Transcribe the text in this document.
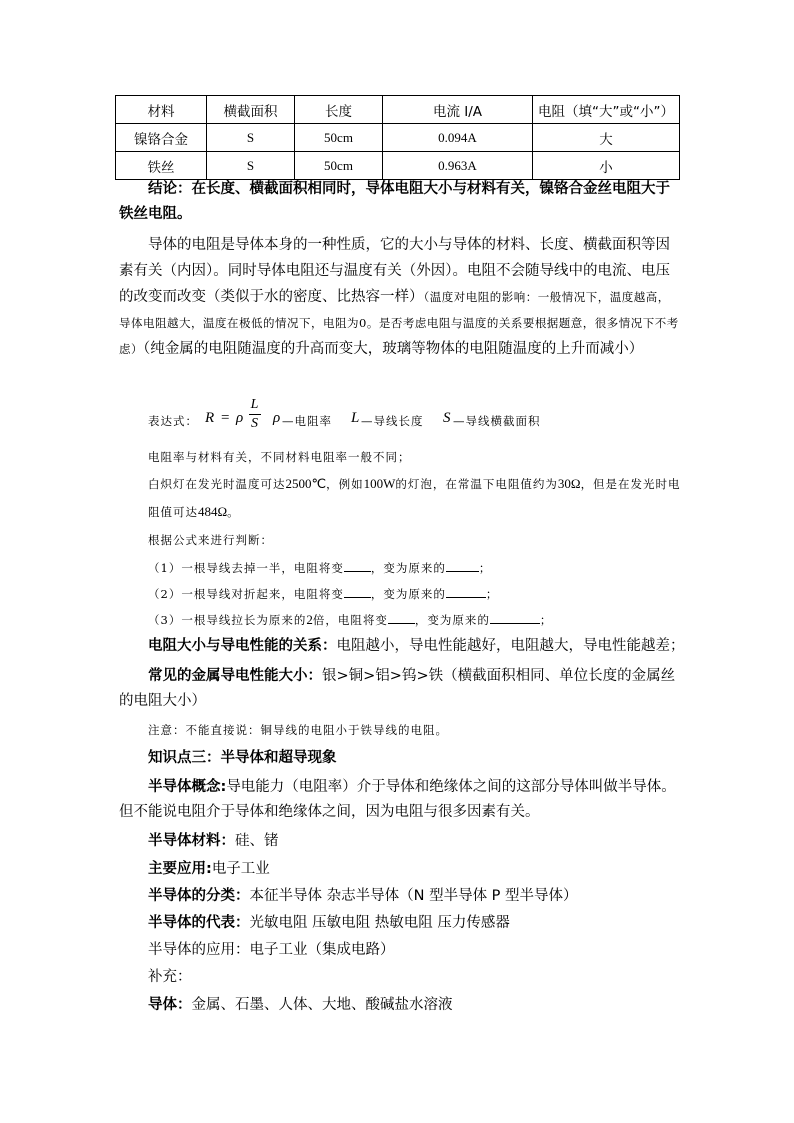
材料	横截面积	长度	电流 I/A	电阻（填“大”或“小”）
镍铬合金	S	50cm	0.094A	大
铁丝	S	50cm	0.963A	小
结论：在长度、横截面积相同时，导体电阻大小与材料有关，镍铬合金丝电阻大于铁丝电阻。
导体的电阻是导体本身的一种性质，它的大小与导体的材料、长度、横截面积等因素有关（内因）。同时导体电阻还与温度有关（外因）。电阻不会随导线中的电流、电压的改变而改变（类似于水的密度、比热容一样）（温度对电阻的影响：一般情况下，温度越高，导体电阻越大，温度在极低的情况下，电阻为0。是否考虑电阻与温度的关系要根据题意，很多情况下不考虑）（纯金属的电阻随温度的升高而变大，玻璃等物体的电阻随温度的上升而减小）
表达式： R = ρ
L
S ρ —电阻率 L —导线长度 S —导线横截面积
电阻率与材料有关，不同材料电阻率一般不同；
白炽灯在发光时温度可达2500℃，例如100W的灯泡，在常温下电阻值约为30Ω，但是在发光时电阻值可达484Ω。
根据公式来进行判断：
（1）一根导线去掉一半，电阻将变 ，变为原来的	；
（2）一根导线对折起来，电阻将变 ，变为原来的	；
（3）一根导线拉长为原来的2倍，电阻将变 ，变为原来的	；
电阻大小与导电性能的关系：电阻越小，导电性能越好，电阻越大，导电性能越差；
常见的金属导电性能大小：银>铜>铝>钨>铁（横截面积相同、单位长度的金属丝的电阻大小）
注意：不能直接说：铜导线的电阻小于铁导线的电阻。
知识点三：半导体和超导现象
半导体概念:导电能力（电阻率）介于导体和绝缘体之间的这部分导体叫做半导体。但不能说电阻介于导体和绝缘体之间，因为电阻与很多因素有关。
半导体材料：硅、锗
主要应用:电子工业
半导体的分类：本征半导体 杂志半导体（N 型半导体 P 型半导体）
半导体的代表：光敏电阻 压敏电阻 热敏电阻 压力传感器
半导体的应用：电子工业（集成电路）
补充：
导体：金属、石墨、人体、大地、酸碱盐水溶液
